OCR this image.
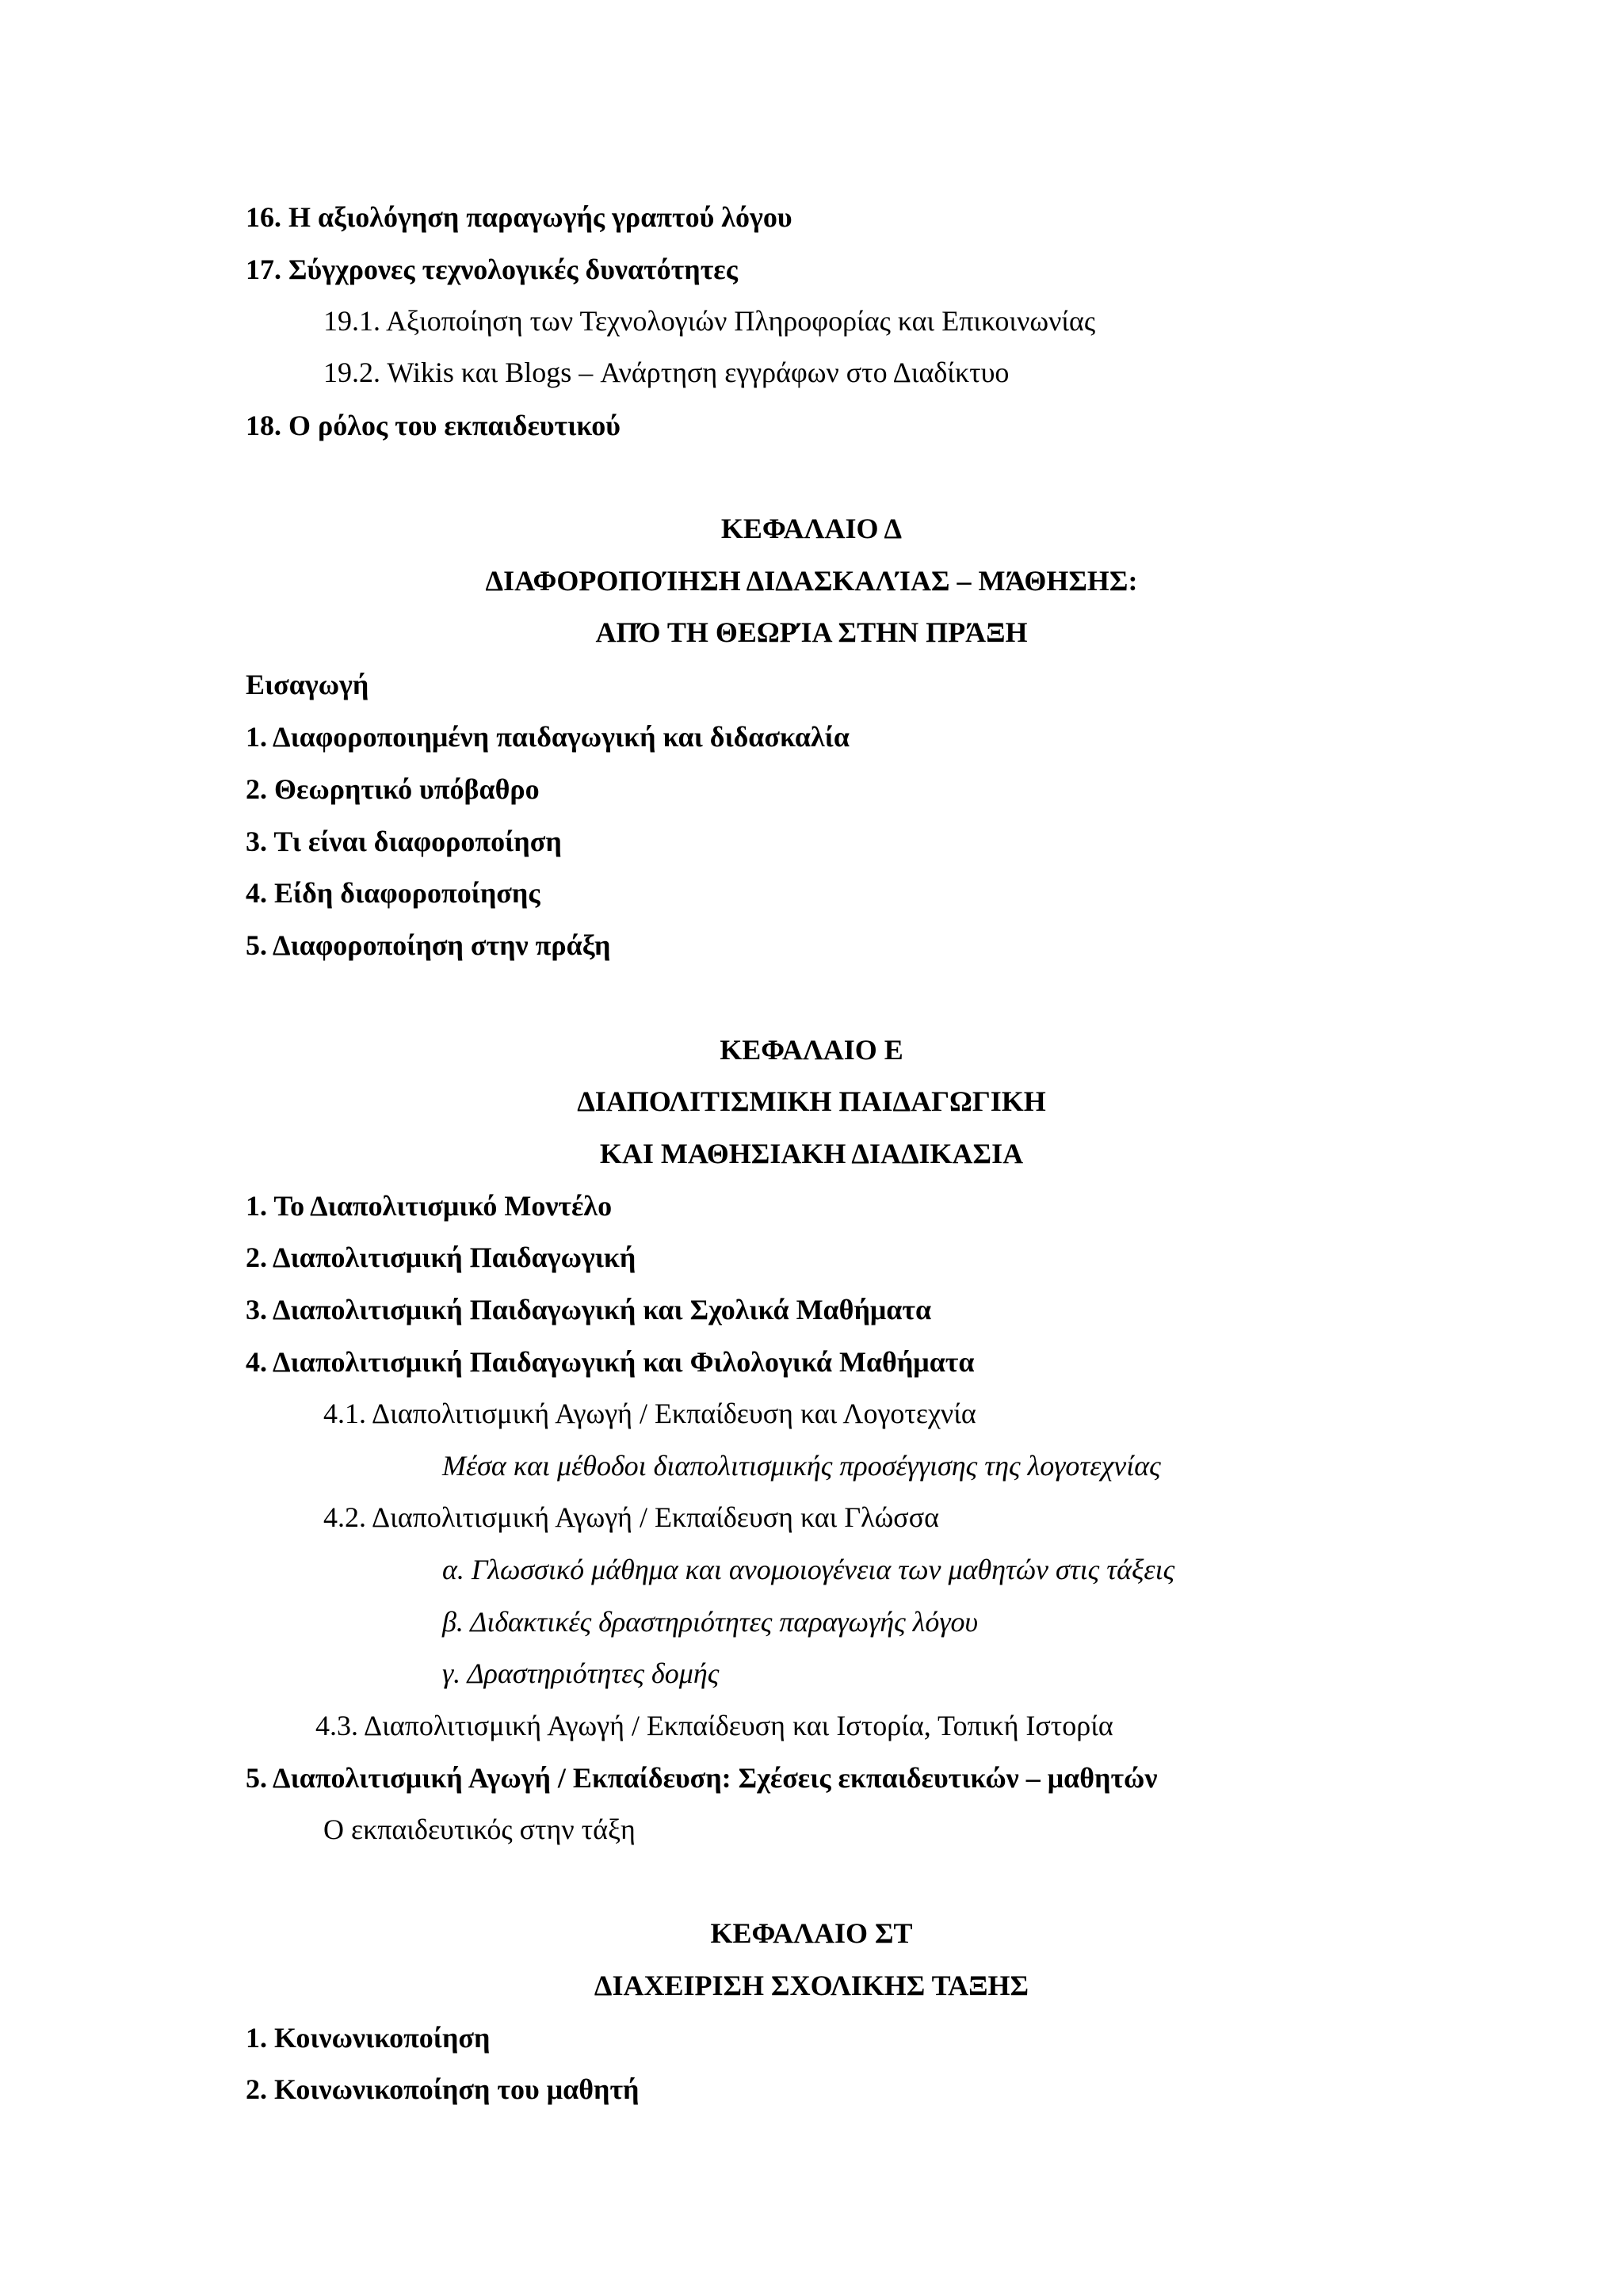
16. Η αξιολόγηση παραγωγής γραπτού λόγου
17. Σύγχρονες τεχνολογικές δυνατότητες
19.1. Αξιοποίηση των Τεχνολογιών Πληροφορίας και Επικοινωνίας
19.2. Wikis και Blogs – Ανάρτηση εγγράφων στο Διαδίκτυο
18. Ο ρόλος του εκπαιδευτικού
ΚΕΦΑΛΑΙΟ Δ
ΔΙΑΦΟΡΟΠΟΊΗΣΗ ΔΙΔΑΣΚΑΛΊΑΣ – ΜΆΘΗΣΗΣ:
ΑΠΌ ΤΗ ΘΕΩΡΊΑ ΣΤΗΝ ΠΡΆΞΗ
Εισαγωγή
1. Διαφοροποιημένη παιδαγωγική και διδασκαλία
2. Θεωρητικό υπόβαθρο
3. Τι είναι διαφοροποίηση
4. Είδη διαφοροποίησης
5. Διαφοροποίηση στην πράξη
ΚΕΦΑΛΑΙΟ Ε
ΔΙΑΠΟΛΙΤΙΣΜΙΚΗ ΠΑΙΔΑΓΩΓΙΚΗ
ΚΑΙ ΜΑΘΗΣΙΑΚΗ ΔΙΑΔΙΚΑΣΙΑ
1. Το Διαπολιτισμικό Μοντέλο
2. Διαπολιτισμική Παιδαγωγική
3. Διαπολιτισμική Παιδαγωγική και Σχολικά Μαθήματα
4. Διαπολιτισμική Παιδαγωγική και Φιλολογικά Μαθήματα
4.1. Διαπολιτισμική Αγωγή / Εκπαίδευση και Λογοτεχνία
Μέσα και μέθοδοι διαπολιτισμικής προσέγγισης της λογοτεχνίας
4.2. Διαπολιτισμική Αγωγή / Εκπαίδευση και Γλώσσα
α. Γλωσσικό μάθημα και ανομοιογένεια των μαθητών στις τάξεις
β. Διδακτικές δραστηριότητες παραγωγής λόγου
γ. Δραστηριότητες δομής
4.3. Διαπολιτισμική Αγωγή / Εκπαίδευση και Ιστορία, Τοπική Ιστορία
5. Διαπολιτισμική Αγωγή / Εκπαίδευση: Σχέσεις εκπαιδευτικών – μαθητών
Ο εκπαιδευτικός στην τάξη
ΚΕΦΑΛΑΙΟ ΣΤ
ΔΙΑΧΕΙΡΙΣΗ ΣΧΟΛΙΚΗΣ ΤΑΞΗΣ
1. Κοινωνικοποίηση
2. Κοινωνικοποίηση του μαθητή
